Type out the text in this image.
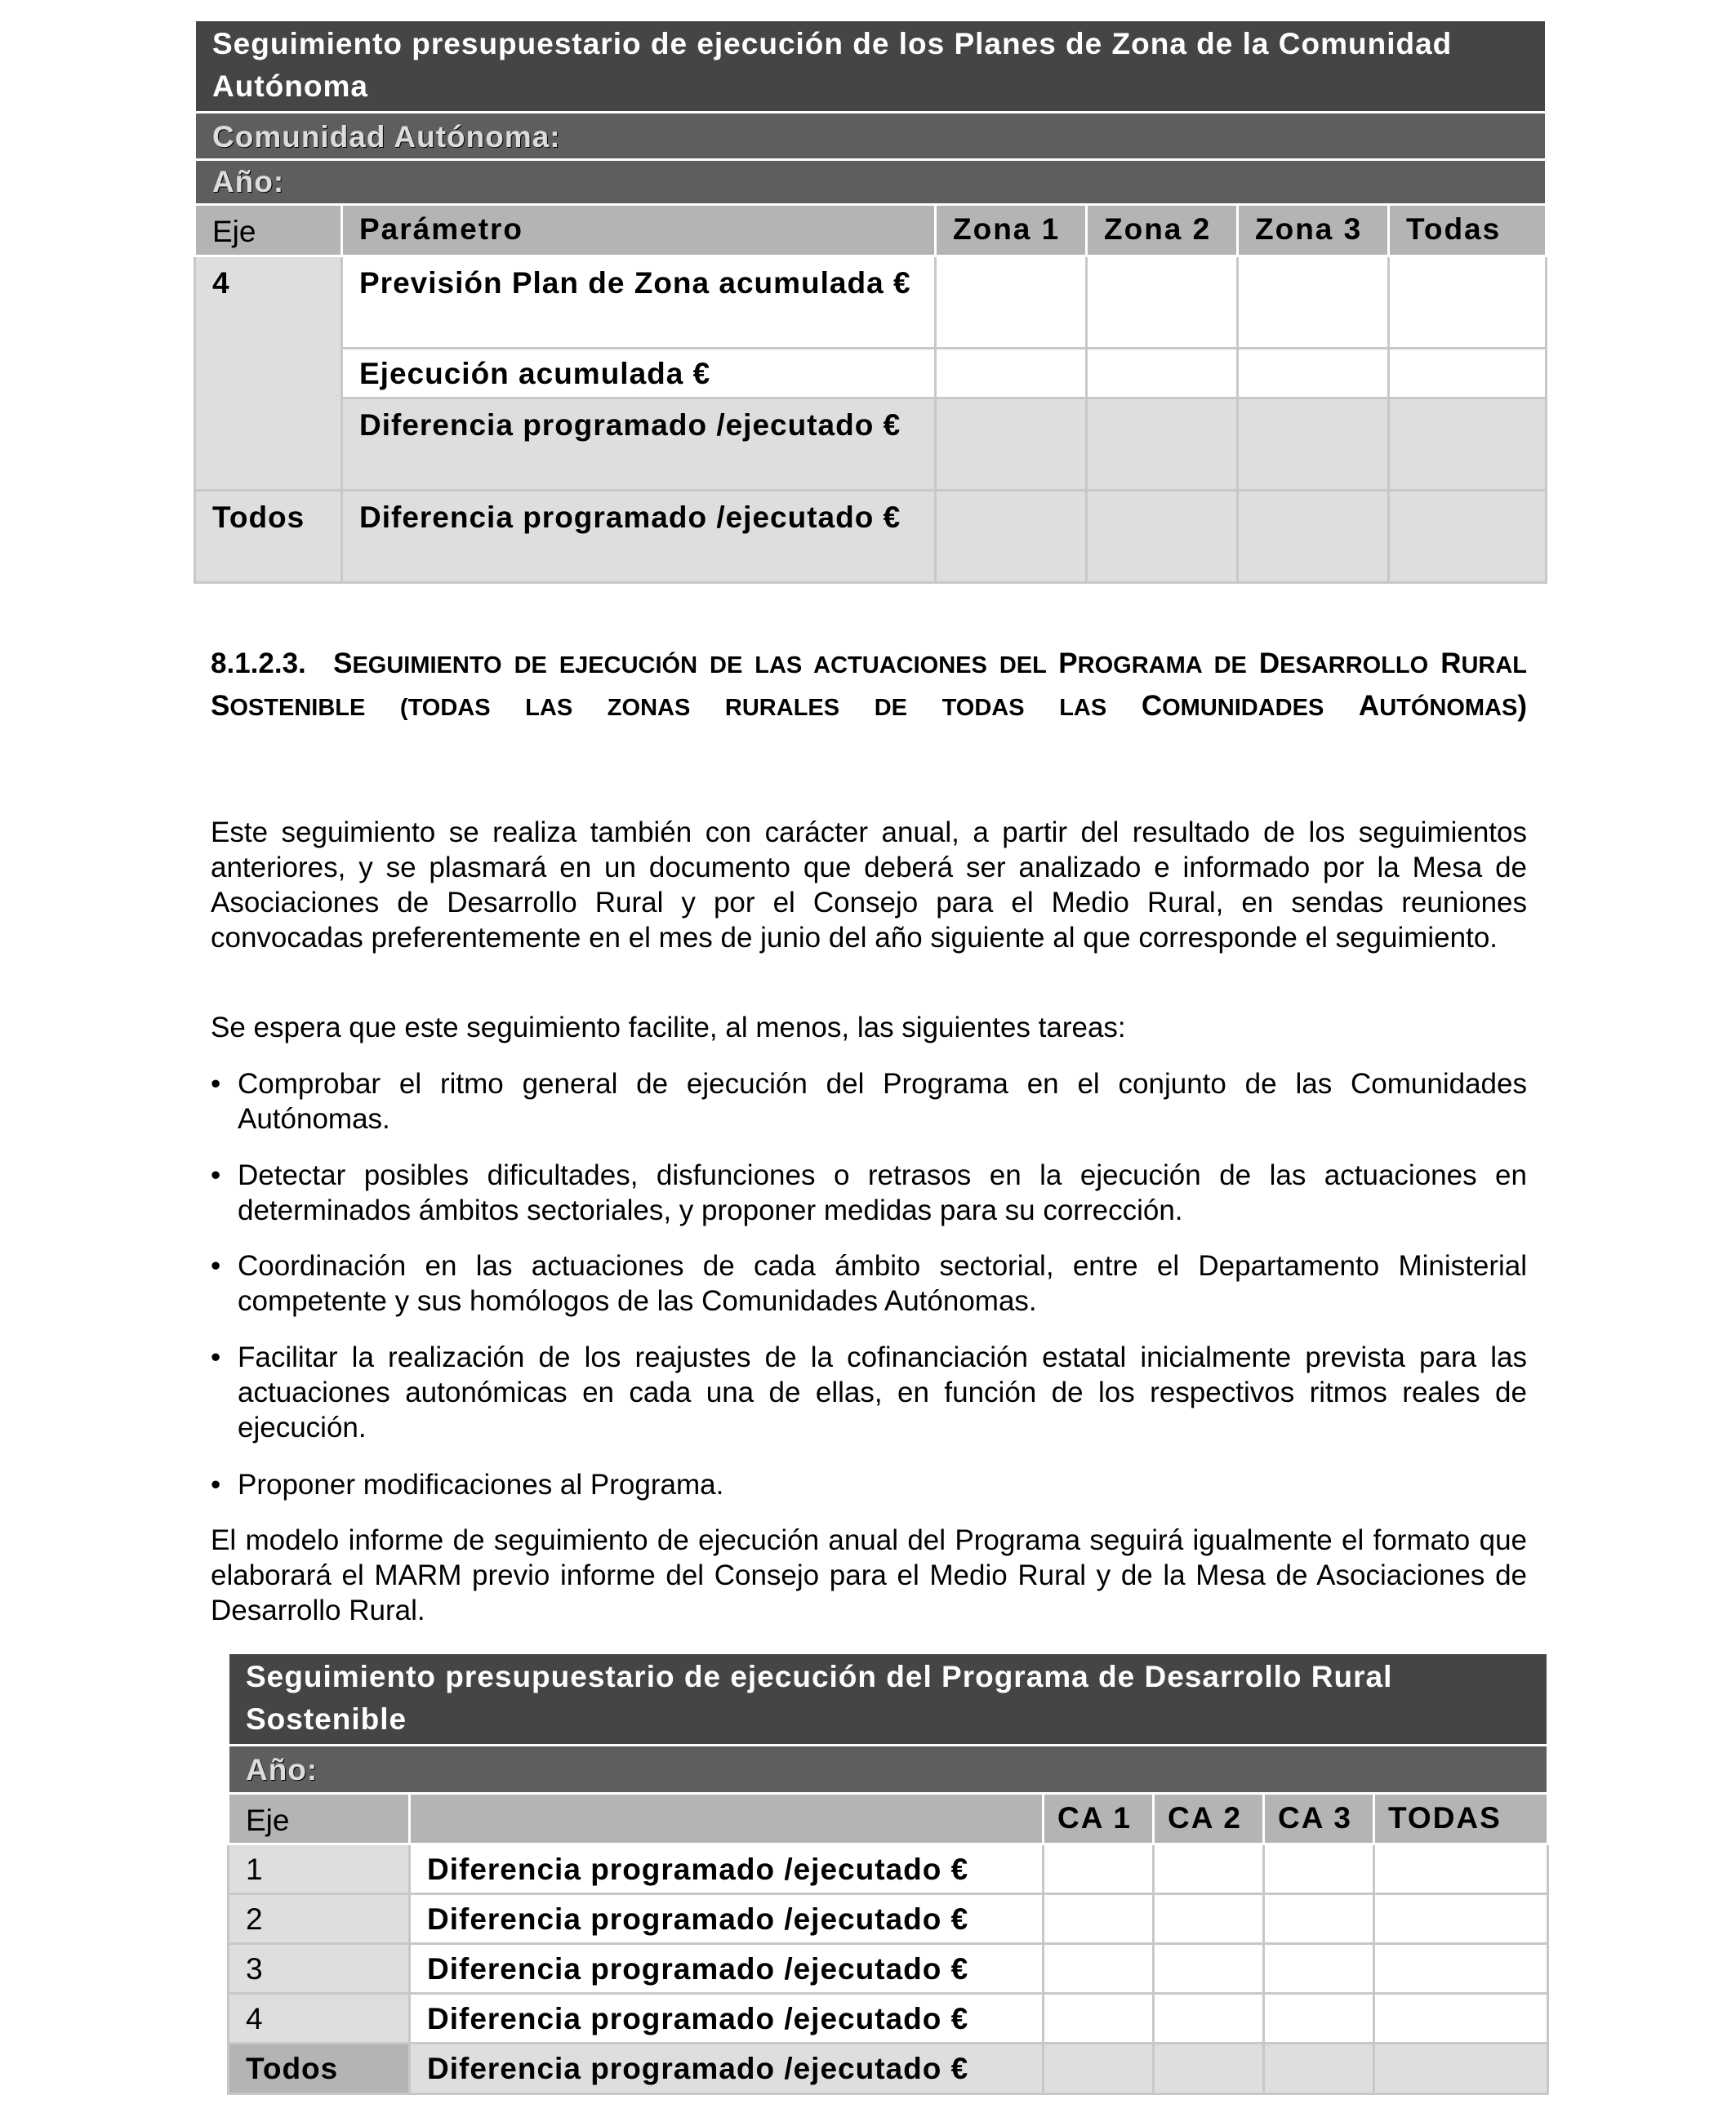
Seguimiento presupuestario de ejecución de los Planes de Zona de la Comunidad Autónoma					
Comunidad Autónoma:					
Año:					
Eje	Parámetro	Zona 1	Zona 2	Zona 3	Todas
4	Previsión Plan de Zona acumulada €				
	Ejecución acumulada €				
	Diferencia programado /ejecutado €				
Todos	Diferencia programado /ejecutado €				
8.1.2.3. SEGUIMIENTO DE EJECUCIÓN DE LAS ACTUACIONES DEL PROGRAMA DE DESARROLLO RURAL SOSTENIBLE (TODAS LAS ZONAS RURALES DE TODAS LAS COMUNIDADES AUTÓNOMAS)

Este seguimiento se realiza también con carácter anual, a partir del resultado de los seguimientos anteriores, y se plasmará en un documento que deberá ser analizado e informado por la Mesa de Asociaciones de Desarrollo Rural y por el Consejo para el Medio Rural, en sendas reuniones convocadas preferentemente en el mes de junio del año siguiente al que corresponde el seguimiento.

Se espera que este seguimiento facilite, al menos, las siguientes tareas:

• Comprobar el ritmo general de ejecución del Programa en el conjunto de las Comunidades Autónomas.
• Detectar posibles dificultades, disfunciones o retrasos en la ejecución de las actuaciones en determinados ámbitos sectoriales, y proponer medidas para su corrección.
• Coordinación en las actuaciones de cada ámbito sectorial, entre el Departamento Ministerial competente y sus homólogos de las Comunidades Autónomas.
• Facilitar la realización de los reajustes de la cofinanciación estatal inicialmente prevista para las actuaciones autonómicas en cada una de ellas, en función de los respectivos ritmos reales de ejecución.
• Proponer modificaciones al Programa.

El modelo informe de seguimiento de ejecución anual del Programa seguirá igualmente el formato que elaborará el MARM previo informe del Consejo para el Medio Rural y de la Mesa de Asociaciones de Desarrollo Rural.

Seguimiento presupuestario de ejecución del Programa de Desarrollo Rural Sostenible					
Año:					
Eje		CA 1	CA 2	CA 3	TODAS
1	Diferencia programado /ejecutado €				
2	Diferencia programado /ejecutado €				
3	Diferencia programado /ejecutado €				
4	Diferencia programado /ejecutado €				
Todos	Diferencia programado /ejecutado €				
